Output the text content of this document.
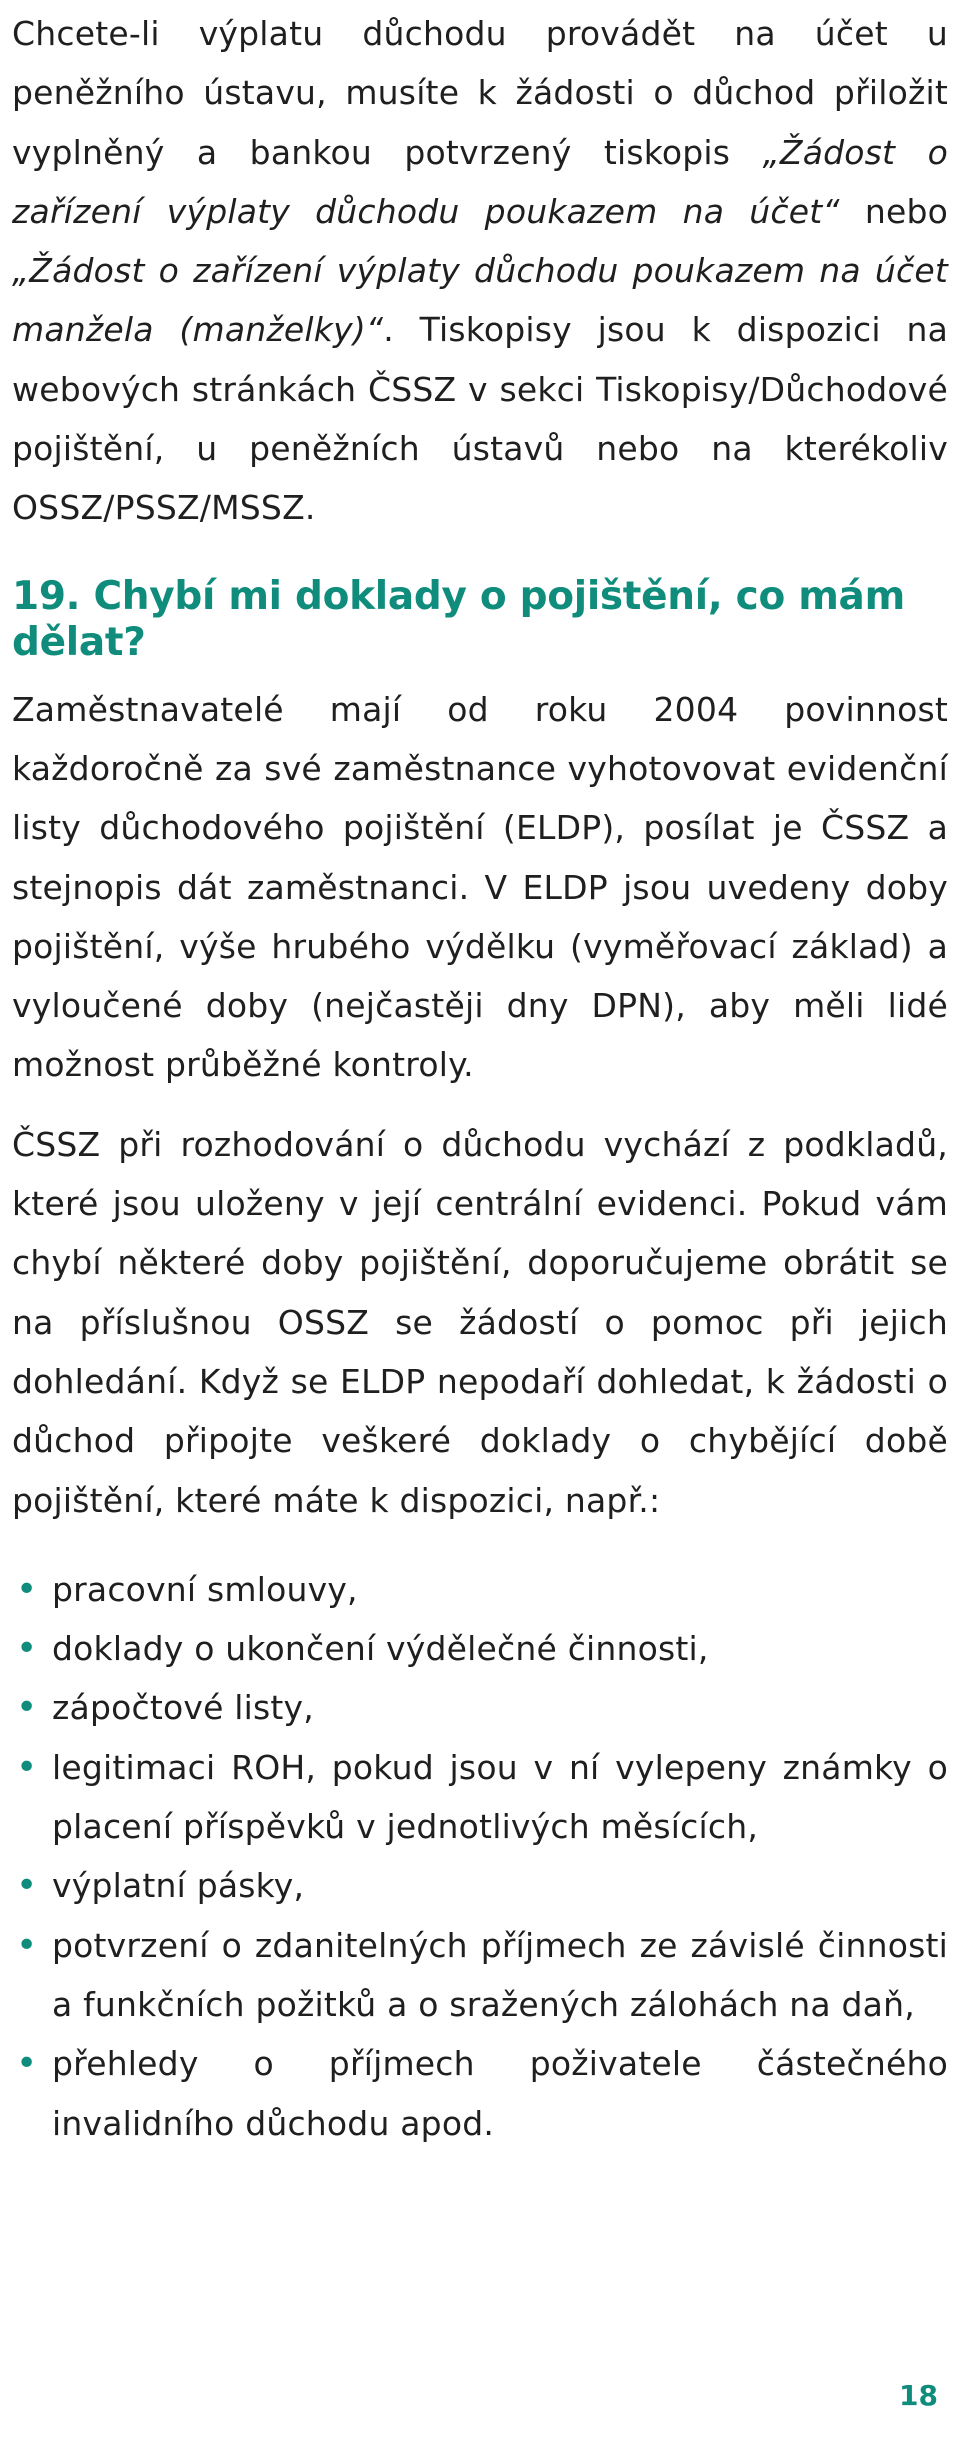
Chcete-li výplatu důchodu provádět na účet u peněžního ústavu, musíte k žádosti o důchod přiložit vyplněný a bankou potvrzený tiskopis „Žádost o zařízení výplaty důchodu poukazem na účet“ nebo „Žádost o zařízení výplaty důchodu poukazem na účet manžela (manželky)“. Tiskopisy jsou k dispozici na webových stránkách ČSSZ v sekci Tiskopisy/Důchodové pojištění, u peněžních ústavů nebo na kterékoliv OSSZ/PSSZ/MSSZ.

19. Chybí mi doklady o pojištění, co mám dělat?

Zaměstnavatelé mají od roku 2004 povinnost každoročně za své zaměstnance vyhotovovat evidenční listy důchodového pojištění (ELDP), posílat je ČSSZ a stejnopis dát zaměstnanci. V ELDP jsou uvedeny doby pojištění, výše hrubého výdělku (vyměřovací základ) a vyloučené doby (nejčastěji dny DPN), aby měli lidé možnost průběžné kontroly.

ČSSZ při rozhodování o důchodu vychází z podkladů, které jsou uloženy v její centrální evidenci. Pokud vám chybí některé doby pojištění, doporučujeme obrátit se na příslušnou OSSZ se žádostí o pomoc při jejich dohledání. Když se ELDP nepodaří dohledat, k žádosti o důchod připojte veškeré doklady o chybějící době pojištění, které máte k dispozici, např.:

• pracovní smlouvy,
• doklady o ukončení výdělečné činnosti,
• zápočtové listy,
• legitimaci ROH, pokud jsou v ní vylepeny známky o placení příspěvků v jednotlivých měsících,
• výplatní pásky,
• potvrzení o zdanitelných příjmech ze závislé činnosti a funkčních požitků a o sražených zálohách na daň,
• přehledy o příjmech poživatele částečného invalidního důchodu apod.
18
